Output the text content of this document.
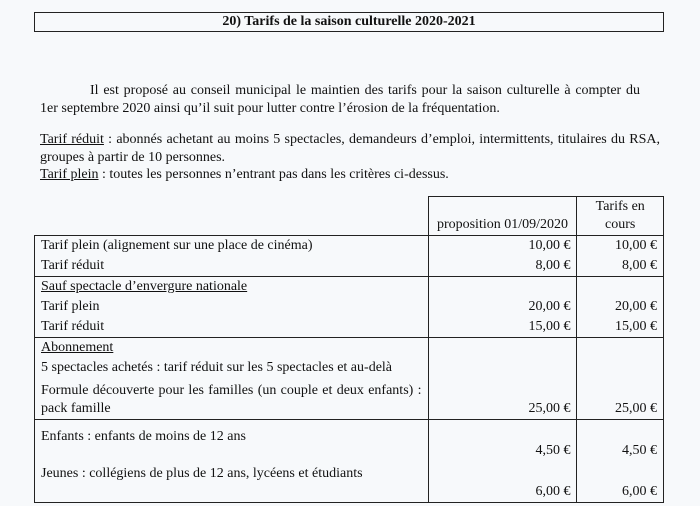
20) Tarifs de la saison culturelle 2020-2021

Il est proposé au conseil municipal le maintien des tarifs pour la saison culturelle à compter du 1er septembre 2020 ainsi qu’il suit pour lutter contre l’érosion de la fréquentation.

Tarif réduit : abonnés achetant au moins 5 spectacles, demandeurs d’emploi, intermittents, titulaires du RSA, groupes à partir de 10 personnes.

Tarif plein : toutes les personnes n’entrant pas dans les critères ci-dessus.

	proposition 01/09/2020	Tarifs en cours
Tarif plein (alignement sur une place de cinéma)	10,00 €	10,00 €
Tarif réduit	8,00 €	8,00 €
Sauf spectacle d’envergure nationale		
Tarif plein	20,00 €	20,00 €
Tarif réduit	15,00 €	15,00 €
Abonnement		
5 spectacles achetés : tarif réduit sur les 5 spectacles et au-delà		
Formule découverte pour les familles (un couple et deux enfants) : pack famille	25,00 €	25,00 €
Enfants : enfants de moins de 12 ans	4,50 €	4,50 €
Jeunes : collégiens de plus de 12 ans, lycéens et étudiants	6,00 €	6,00 €
